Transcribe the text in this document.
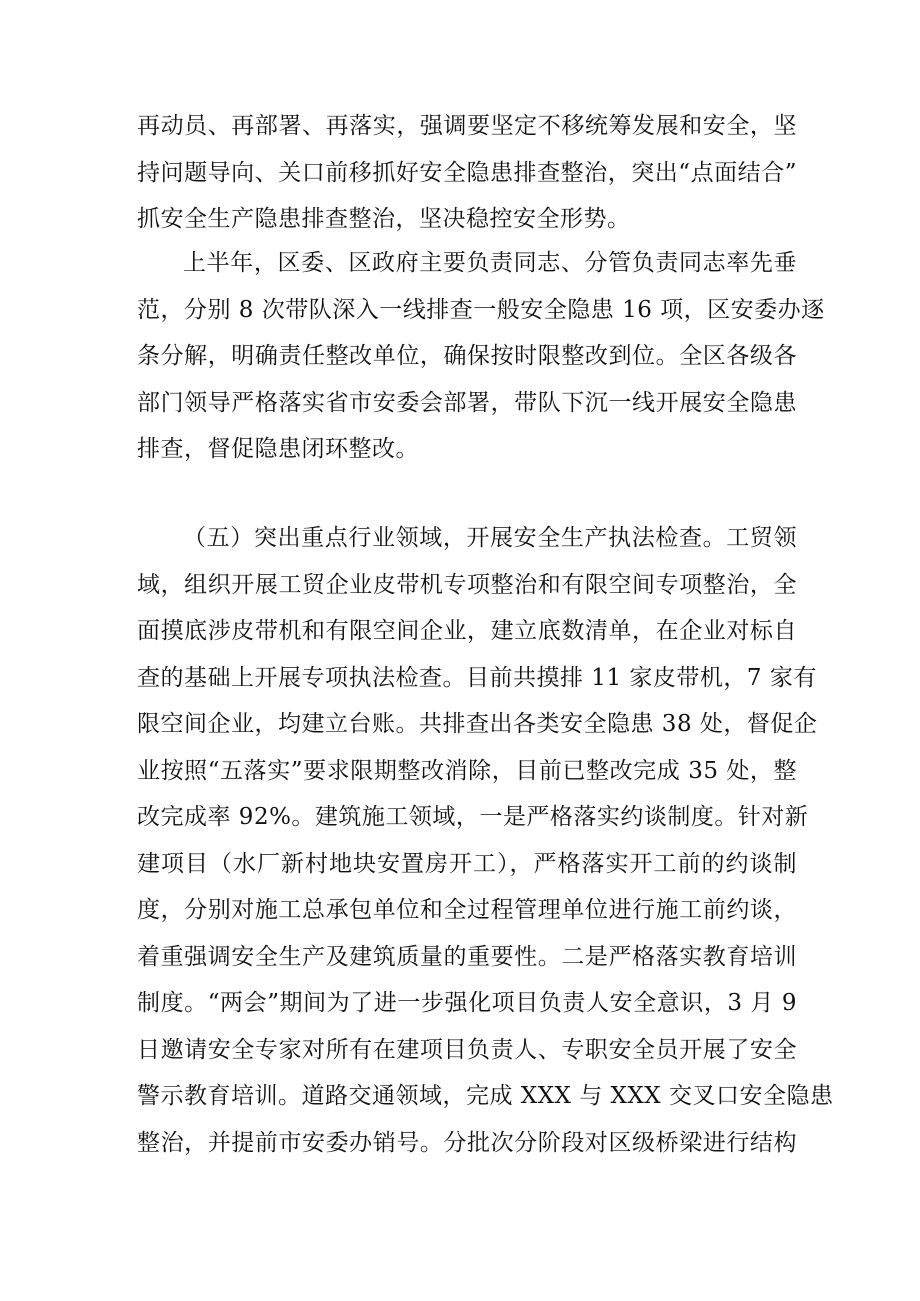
再动员、再部署、再落实，强调要坚定不移统筹发展和安全，坚
持问题导向、关口前移抓好安全隐患排查整治，突出“点面结合”
抓安全生产隐患排查整治，坚决稳控安全形势。
上半年，区委、区政府主要负责同志、分管负责同志率先垂
范，分别 8 次带队深入一线排查一般安全隐患 16 项，区安委办逐
条分解，明确责任整改单位，确保按时限整改到位。全区各级各
部门领导严格落实省市安委会部署，带队下沉一线开展安全隐患
排查，督促隐患闭环整改。
（五）突出重点行业领域，开展安全生产执法检查。工贸领
域，组织开展工贸企业皮带机专项整治和有限空间专项整治，全
面摸底涉皮带机和有限空间企业，建立底数清单，在企业对标自
查的基础上开展专项执法检查。目前共摸排 11 家皮带机，7 家有
限空间企业，均建立台账。共排查出各类安全隐患 38 处，督促企
业按照“五落实”要求限期整改消除，目前已整改完成 35 处，整
改完成率 92%。建筑施工领域，一是严格落实约谈制度。针对新
建项目（水厂新村地块安置房开工），严格落实开工前的约谈制
度，分别对施工总承包单位和全过程管理单位进行施工前约谈，
着重强调安全生产及建筑质量的重要性。二是严格落实教育培训
制度。“两会”期间为了进一步强化项目负责人安全意识，3 月 9
日邀请安全专家对所有在建项目负责人、专职安全员开展了安全
警示教育培训。道路交通领域，完成 XXX 与 XXX 交叉口安全隐患
整治，并提前市安委办销号。分批次分阶段对区级桥梁进行结构
